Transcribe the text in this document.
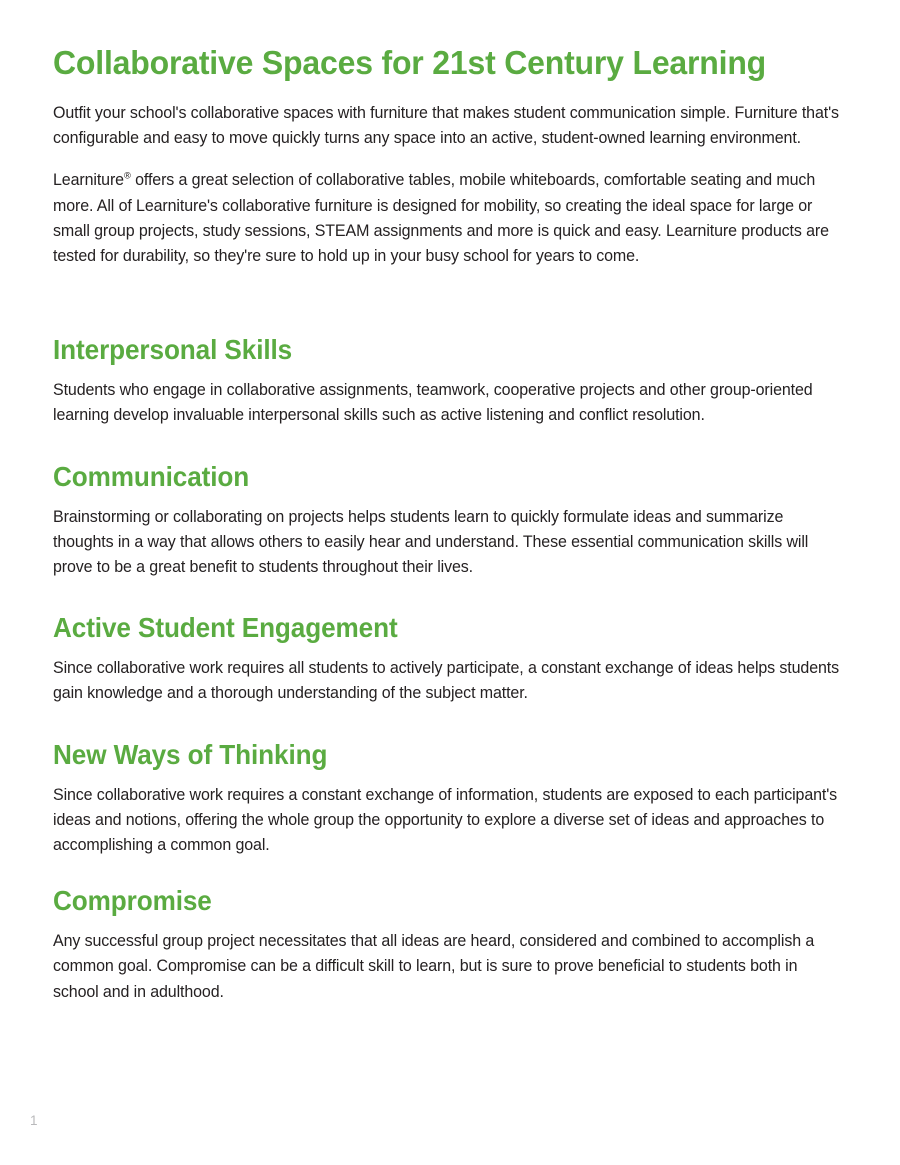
Collaborative Spaces for 21st Century Learning

Outfit your school's collaborative spaces with furniture that makes student communication simple. Furniture that's configurable and easy to move quickly turns any space into an active, student-owned learning environment.

Learniture® offers a great selection of collaborative tables, mobile whiteboards, comfortable seating and much more. All of Learniture's collaborative furniture is designed for mobility, so creating the ideal space for large or small group projects, study sessions, STEAM assignments and more is quick and easy. Learniture products are tested for durability, so they're sure to hold up in your busy school for years to come.

Interpersonal Skills

Students who engage in collaborative assignments, teamwork, cooperative projects and other group-oriented learning develop invaluable interpersonal skills such as active listening and conflict resolution.

Communication

Brainstorming or collaborating on projects helps students learn to quickly formulate ideas and summarize thoughts in a way that allows others to easily hear and understand. These essential communication skills will prove to be a great benefit to students throughout their lives.

Active Student Engagement

Since collaborative work requires all students to actively participate, a constant exchange of ideas helps students gain knowledge and a thorough understanding of the subject matter.

New Ways of Thinking

Since collaborative work requires a constant exchange of information, students are exposed to each participant's ideas and notions, offering the whole group the opportunity to explore a diverse set of ideas and approaches to accomplishing a common goal.

Compromise

Any successful group project necessitates that all ideas are heard, considered and combined to accomplish a common goal. Compromise can be a difficult skill to learn, but is sure to prove beneficial to students both in school and in adulthood.

1
